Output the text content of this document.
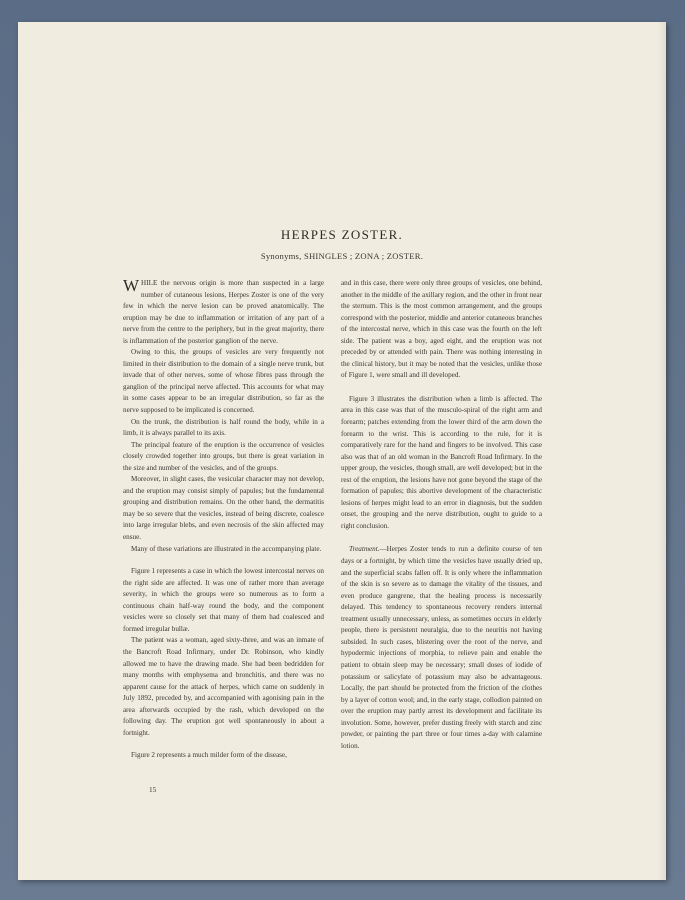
HERPES ZOSTER.
Synonyms, SHINGLES ; ZONA ; ZOSTER.

WHILE the nervous origin is more than suspected in a large number of cutaneous lesions, Herpes Zoster is one of the very few in which the nerve lesion can be proved anatomically. The eruption may be due to inflammation or irritation of any part of a nerve from the centre to the periphery, but in the great majority, there is inflammation of the posterior ganglion of the nerve.

Owing to this, the groups of vesicles are very frequently not limited in their distribution to the domain of a single nerve trunk, but invade that of other nerves, some of whose fibres pass through the ganglion of the principal nerve affected. This accounts for what may in some cases appear to be an irregular distribution, so far as the nerve supposed to be implicated is concerned.

On the trunk, the distribution is half round the body, while in a limb, it is always parallel to its axis.

The principal feature of the eruption is the occurrence of vesicles closely crowded together into groups, but there is great variation in the size and number of the vesicles, and of the groups.

Moreover, in slight cases, the vesicular character may not develop, and the eruption may consist simply of papules; but the fundamental grouping and distribution remains. On the other hand, the dermatitis may be so severe that the vesicles, instead of being discrete, coalesce into large irregular blebs, and even necrosis of the skin affected may ensue.

Many of these variations are illustrated in the accompanying plate.

Figure 1 represents a case in which the lowest intercostal nerves on the right side are affected. It was one of rather more than average severity, in which the groups were so numerous as to form a continuous chain half-way round the body, and the component vesicles were so closely set that many of them had coalesced and formed irregular bullæ.

The patient was a woman, aged sixty-three, and was an inmate of the Bancroft Road Infirmary, under Dr. Robinson, who kindly allowed me to have the drawing made. She had been bedridden for many months with emphysema and bronchitis, and there was no apparent cause for the attack of herpes, which came on suddenly in July 1892, preceded by, and accompanied with agonising pain in the area afterwards occupied by the rash, which developed on the following day. The eruption got well spontaneously in about a fortnight.

Figure 2 represents a much milder form of the disease,

15

and in this case, there were only three groups of vesicles, one behind, another in the middle of the axillary region, and the other in front near the sternum. This is the most common arrangement, and the groups correspond with the posterior, middle and anterior cutaneous branches of the intercostal nerve, which in this case was the fourth on the left side. The patient was a boy, aged eight, and the eruption was not preceded by or attended with pain. There was nothing interesting in the clinical history, but it may be noted that the vesicles, unlike those of Figure 1, were small and ill developed.

Figure 3 illustrates the distribution when a limb is affected. The area in this case was that of the musculo-spiral of the right arm and forearm; patches extending from the lower third of the arm down the forearm to the wrist. This is according to the rule, for it is comparatively rare for the hand and fingers to be involved. This case also was that of an old woman in the Bancroft Road Infirmary. In the upper group, the vesicles, though small, are well developed; but in the rest of the eruption, the lesions have not gone beyond the stage of the formation of papules; this abortive development of the characteristic lesions of herpes might lead to an error in diagnosis, but the sudden onset, the grouping and the nerve distribution, ought to guide to a right conclusion.

Treatment.—Herpes Zoster tends to run a definite course of ten days or a fortnight, by which time the vesicles have usually dried up, and the superficial scabs fallen off. It is only where the inflammation of the skin is so severe as to damage the vitality of the tissues, and even produce gangrene, that the healing process is necessarily delayed. This tendency to spontaneous recovery renders internal treatment usually unnecessary, unless, as sometimes occurs in elderly people, there is persistent neuralgia, due to the neuritis not having subsided. In such cases, blistering over the root of the nerve, and hypodermic injections of morphia, to relieve pain and enable the patient to obtain sleep may be necessary; small doses of iodide of potassium or salicylate of potassium may also be advantageous. Locally, the part should be protected from the friction of the clothes by a layer of cotton wool; and, in the early stage, collodion painted on over the eruption may partly arrest its development and facilitate its involution. Some, however, prefer dusting freely with starch and zinc powder, or painting the part three or four times a-day with calamine lotion.
